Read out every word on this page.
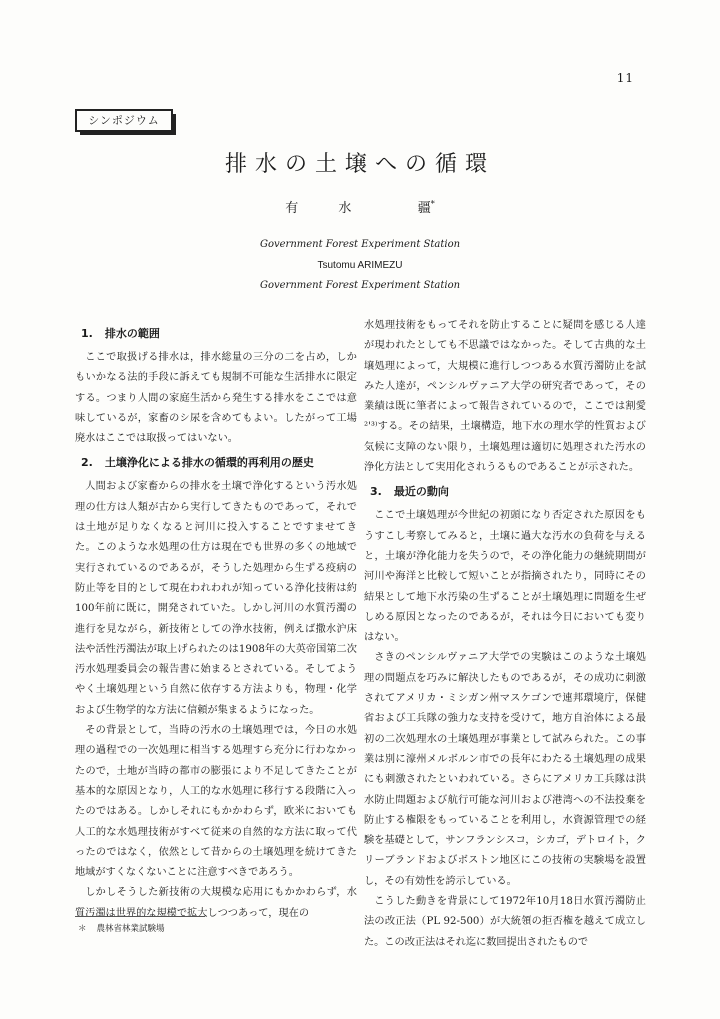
11
シンポジウム
排水の土壌への循環
有 水	疆*
Government Forest Experiment Station
Tsutomu ARIMEZU
Government Forest Experiment Station
1. 排水の範囲

ここで取扱げる排水は，排水総量の三分の二を占め，しかもいかなる法的手段に訴えても規制不可能な生活排水に限定する。つまり人間の家庭生活から発生する排水をここでは意味しているが，家畜のシ尿を含めてもよい。したがって工場廃水はここでは取扱ってはいない。

2. 土壌浄化による排水の循環的再利用の歴史

人間および家畜からの排水を土壌で浄化するという汚水処理の仕方は人類が古から実行してきたものであって，それでは土地が足りなくなると河川に投入することですませてきた。このような水処理の仕方は現在でも世界の多くの地域で実行されているのであるが，そうした処理から生ずる疫病の防止等を目的として現在われわれが知っている浄化技術は約100年前に既に，開発されていた。しかし河川の水質汚濁の進行を見ながら，新技術としての浄水技術，例えば撒水沪床法や活性汚濁法が取上げられたのは1908年の大英帝国第二次汚水処理委員会の報告書に始まるとされている。そしてようやく土壌処理という自然に依存する方法よりも，物理・化学および生物学的な方法に信頼が集まるようになった。

その背景として，当時の汚水の土壌処理では，今日の水処理の過程での一次処理に相当する処理すら充分に行わなかったので，土地が当時の都市の膨張により不足してきたことが基本的な原因となり，人工的な水処理に移行する段階に入ったのではある。しかしそれにもかかわらず，欧米においても人工的な水処理技術がすべて従来の自然的な方法に取って代ったのではなく，依然として昔からの土壌処理を続けてきた地域がすくなくないことに注意すべきであろう。

しかしそうした新技術の大規模な応用にもかかわらず，水質汚濁は世界的な規模で拡大しつつあって，現在の

水処理技術をもってそれを防止することに疑問を感じる人達が現われたとしても不思議ではなかった。そして古典的な土壌処理によって，大規模に進行しつつある水質汚濁防止を試みた人達が，ペンシルヴァニア大学の研究者であって，その業績は既に筆者によって報告されているので，ここでは割愛²'³⁾する。その結果，土壌構造，地下水の理水学的性質および気候に支障のない限り，土壌処理は適切に処理された汚水の浄化方法として実用化されうるものであることが示された。

3. 最近の動向

ここで土壌処理が今世紀の初頭になり否定された原因をもうすこし考察してみると，土壌に過大な汚水の負荷を与えると，土壌が浄化能力を失うので，その浄化能力の継続期間が河川や海洋と比較して短いことが指摘されたり，同時にその結果として地下水汚染の生ずることが土壌処理に問題を生ぜしめる原因となったのであるが，それは今日においても変りはない。

さきのペンシルヴァニア大学での実験はこのような土壌処理の問題点を巧みに解決したものであるが，その成功に刺激されてアメリカ・ミシガン州マスケゴンで連邦環境庁，保健省および工兵隊の強力な支持を受けて，地方自治体による最初の二次処理水の土壌処理が事業として試みられた。この事業は別に濠州メルボルン市での長年にわたる土壌処理の成果にも刺激されたといわれている。さらにアメリカ工兵隊は洪水防止問題および航行可能な河川および港湾への不法投棄を防止する権限をもっていることを利用し，水資源管理での経験を基礎として，サンフランシスコ，シカゴ，デトロイト，クリーブランドおよびボストン地区にこの技術の実験場を設置し，その有効性を誇示している。

こうした動きを背景にして1972年10月18日水質汚濁防止法の改正法（PL 92-500）が大統領の拒否権を越えて成立した。この改正法はそれ迄に数回提出されたもので

＊ 農林省林業試験場
